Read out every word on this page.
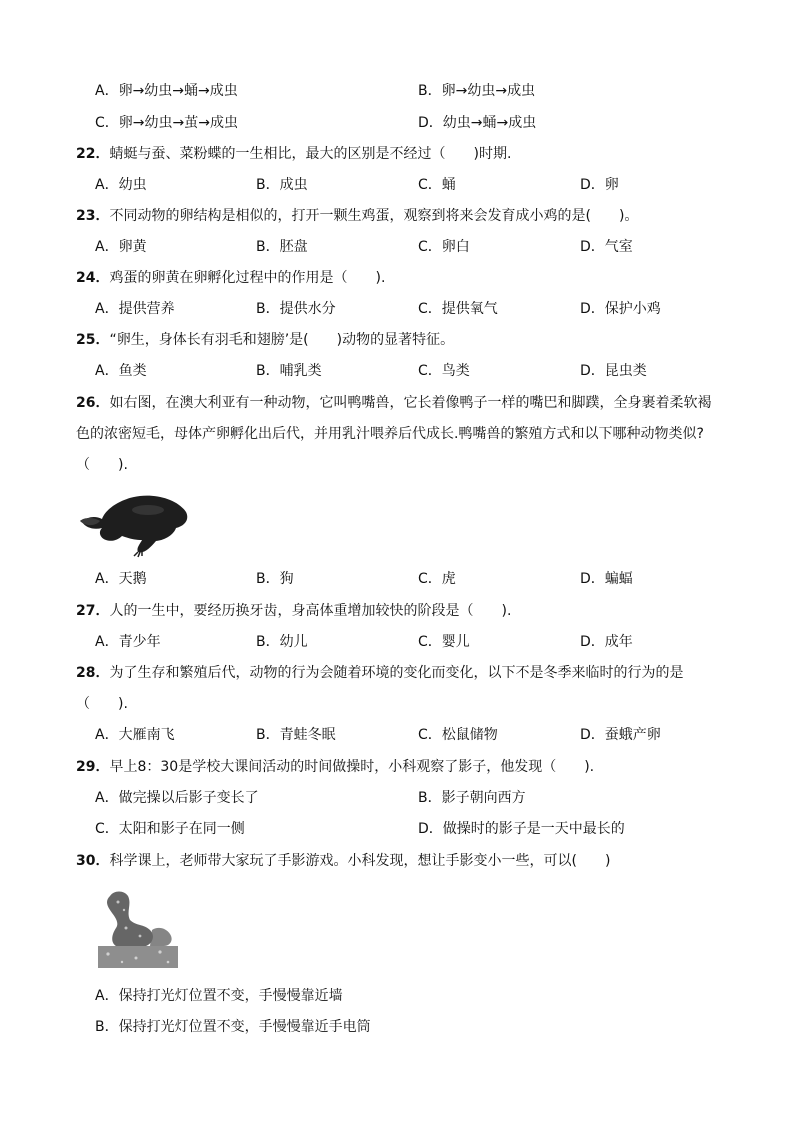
A．卵→幼虫→蛹→成虫	B．卵→幼虫→成虫
C．卵→幼虫→茧→成虫	D．幼虫→蛹→成虫
22．蜻蜓与蚕、菜粉蝶的一生相比，最大的区别是不经过（　　)时期.
A．幼虫	B．成虫	C．蛹	D．卵
23．不同动物的卵结构是相似的，打开一颗生鸡蛋，观察到将来会发育成小鸡的是(　　)。
A．卵黄	B．胚盘	C．卵白	D．气室
24．鸡蛋的卵黄在卵孵化过程中的作用是（　　).
A．提供营养	B．提供水分	C．提供氧气	D．保护小鸡
25．“卵生，身体长有羽毛和翅膀’是(　　)动物的显著特征。
A．鱼类	B．哺乳类	C．鸟类	D．昆虫类
26．如右图，在澳大利亚有一种动物，它叫鸭嘴兽，它长着像鸭子一样的嘴巴和脚蹼，全身裹着柔软褐色的浓密短毛，母体产卵孵化出后代，并用乳汁喂养后代成长.鸭嘴兽的繁殖方式和以下哪种动物类似?（　　).
A．天鹅	B．狗	C．虎	D．蝙蝠
27．人的一生中，要经历换牙齿，身高体重增加较快的阶段是（　　).
A．青少年	B．幼儿	C．婴儿	D．成年
28．为了生存和繁殖后代，动物的行为会随着环境的变化而变化，以下不是冬季来临时的行为的是（　　).
A．大雁南飞	B．青蛙冬眠	C．松鼠储物	D．蚕蛾产卵
29．早上8：30是学校大课间活动的时间做操时，小科观察了影子，他发现（　　).
A．做完操以后影子变长了	B．影子朝向西方
C．太阳和影子在同一侧	D．做操时的影子是一天中最长的
30．科学课上，老师带大家玩了手影游戏。小科发现，想让手影变小一些，可以(　　)
A．保持打光灯位置不变，手慢慢靠近墙
B．保持打光灯位置不变，手慢慢靠近手电筒
